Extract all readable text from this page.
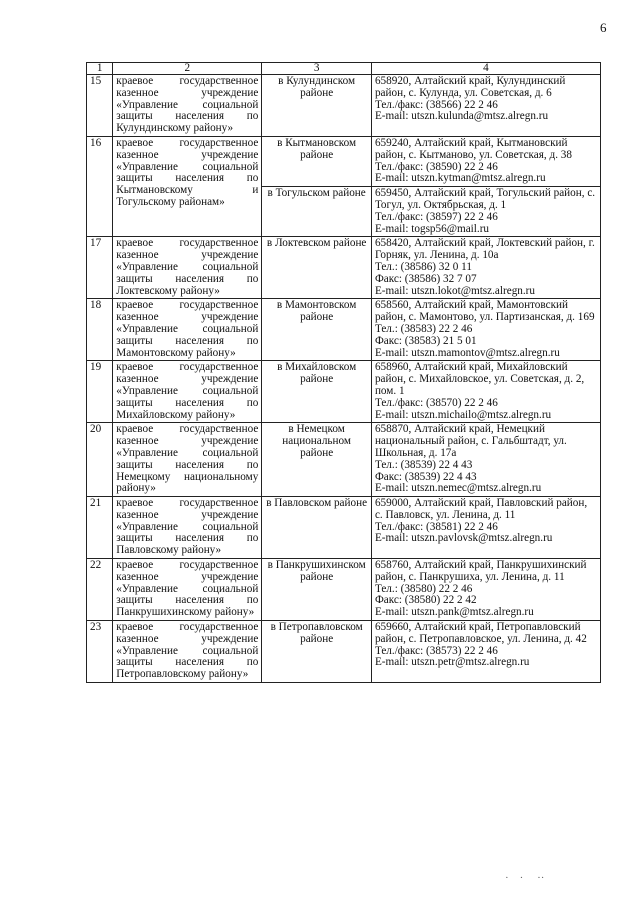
6
1	2	3	4
15	краевое государственное казенное учреждение «Управление социальной защиты населения по Кулундинскому району»	в Кулундинском районе	658920, Алтайский край, Кулундинский район, с. Кулунда, ул. Советская, д. 6
Тел./факс: (38566) 22 2 46
E-mail: utszn.kulunda@mtsz.alregn.ru

16	краевое государственное казенное учреждение «Управление социальной защиты населения по Кытмановскому и Тогульскому районам»	в Кытмановском районе	659240, Алтайский край, Кытмановский район, с. Кытманово, ул. Советская, д. 38
Тел./факс: (38590) 22 2 46
E-mail: utszn.kytman@mtsz.alregn.ru

		в Тогульском районе	659450, Алтайский край, Тогульский район, с. Тогул, ул. Октябрьская, д. 1
Тел./факс: (38597) 22 2 46
E-mail: togsp56@mail.ru

17	краевое государственное казенное учреждение «Управление социальной защиты населения по Локтевскому району»	в Локтевском районе	658420, Алтайский край, Локтевский район, г. Горняк, ул. Ленина, д. 10а
Тел.: (38586) 32 0 11
Факс: (38586) 32 7 07
E-mail: utszn.lokot@mtsz.alregn.ru

18	краевое государственное казенное учреждение «Управление социальной защиты населения по Мамонтовскому району»	в Мамонтовском районе	658560, Алтайский край, Мамонтовский район, с. Мамонтово, ул. Партизанская, д. 169
Тел.: (38583) 22 2 46
Факс: (38583) 21 5 01
E-mail: utszn.mamontov@mtsz.alregn.ru

19	краевое государственное казенное учреждение «Управление социальной защиты населения по Михайловскому району»	в Михайловском районе	658960, Алтайский край, Михайловский район, с. Михайловское, ул. Советская, д. 2, пом. 1
Тел./факс: (38570) 22 2 46
E-mail: utszn.michailo@mtsz.alregn.ru

20	краевое государственное казенное учреждение «Управление социальной защиты населения по Немецкому национальному району»	в Немецком национальном районе	658870, Алтайский край, Немецкий национальный район, с. Гальбштадт, ул. Школьная, д. 17а
Тел.: (38539) 22 4 43
Факс: (38539) 22 4 43
E-mail: utszn.nemec@mtsz.alregn.ru

21	краевое государственное казенное учреждение «Управление социальной защиты населения по Павловскому району»	в Павловском районе	659000, Алтайский край, Павловский район, с. Павловск, ул. Ленина, д. 11
Тел./факс: (38581) 22 2 46
E-mail: utszn.pavlovsk@mtsz.alregn.ru

22	краевое государственное казенное учреждение «Управление социальной защиты населения по Панкрушихинскому району»	в Панкрушихинском районе	658760, Алтайский край, Панкрушихинский район, с. Панкрушиха, ул. Ленина, д. 11
Тел.: (38580) 22 2 46
Факс: (38580) 22 2 42
E-mail: utszn.pank@mtsz.alregn.ru

23	краевое государственное казенное учреждение «Управление социальной защиты населения по Петропавловскому району»	в Петропавловском районе	659660, Алтайский край, Петропавловский район, с. Петропавловское, ул. Ленина, д. 42
Тел./факс: (38573) 22 2 46
E-mail: utszn.petr@mtsz.alregn.ru
·    ·     ··
